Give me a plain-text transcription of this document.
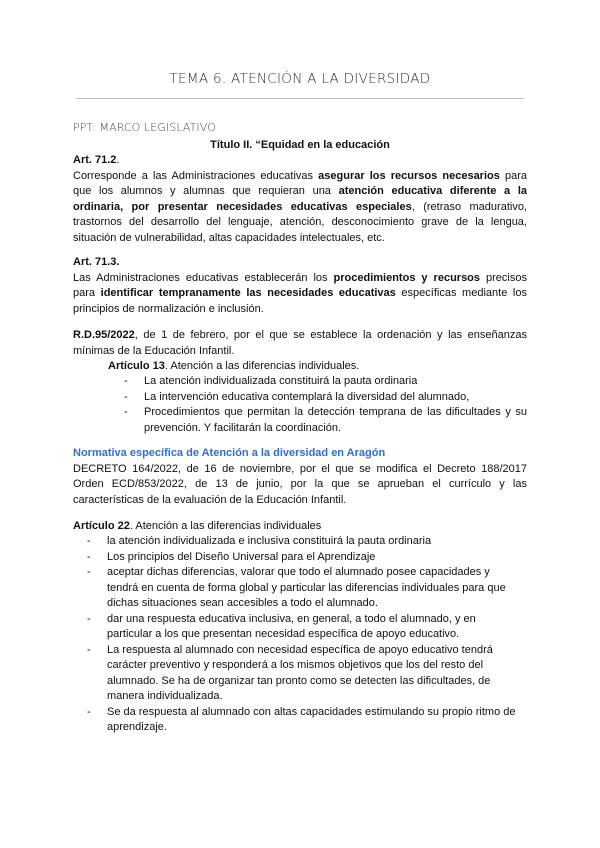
TEMA 6. ATENCIÓN A LA DIVERSIDAD
PPT: MARCO LEGISLATIVO
Título II. “Equidad en la educación
Art. 71.2.
Corresponde a las Administraciones educativas asegurar los recursos necesarios para
que los alumnos y alumnas que requieran una atención educativa diferente a la
ordinaria, por presentar necesidades educativas especiales, (retraso madurativo,
trastornos del desarrollo del lenguaje, atención, desconocimiento grave de la lengua,
situación de vulnerabilidad, altas capacidades intelectuales, etc.
Art. 71.3.
Las Administraciones educativas establecerán los procedimientos y recursos precisos
para identificar tempranamente las necesidades educativas específicas mediante los
principios de normalización e inclusión.
R.D.95/2022, de 1 de febrero, por el que se establece la ordenación y las enseñanzas
mínimas de la Educación Infantil.
Artículo 13. Atención a las diferencias individuales.
- La atención individualizada constituirá la pauta ordinaria
- La intervención educativa contemplará la diversidad del alumnado,
- Procedimientos que permitan la detección temprana de las dificultades y su
prevención. Y facilitarán la coordinación.
Normativa específica de Atención a la diversidad en Aragón
DECRETO 164/2022, de 16 de noviembre, por el que se modifica el Decreto 188/2017
Orden ECD/853/2022, de 13 de junio, por la que se aprueban el currículo y las
características de la evaluación de la Educación Infantil.
Artículo 22. Atención a las diferencias individuales
- la atención individualizada e inclusiva constituirá la pauta ordinaria
- Los principios del Diseño Universal para el Aprendizaje
- aceptar dichas diferencias, valorar que todo el alumnado posee capacidades y
tendrá en cuenta de forma global y particular las diferencias individuales para que
dichas situaciones sean accesibles a todo el alumnado.
- dar una respuesta educativa inclusiva, en general, a todo el alumnado, y en
particular a los que presentan necesidad específica de apoyo educativo.
- La respuesta al alumnado con necesidad específica de apoyo educativo tendrá
carácter preventivo y responderá a los mismos objetivos que los del resto del
alumnado. Se ha de organizar tan pronto como se detecten las dificultades, de
manera individualizada.
- Se da respuesta al alumnado con altas capacidades estimulando su propio ritmo de
aprendizaje.
